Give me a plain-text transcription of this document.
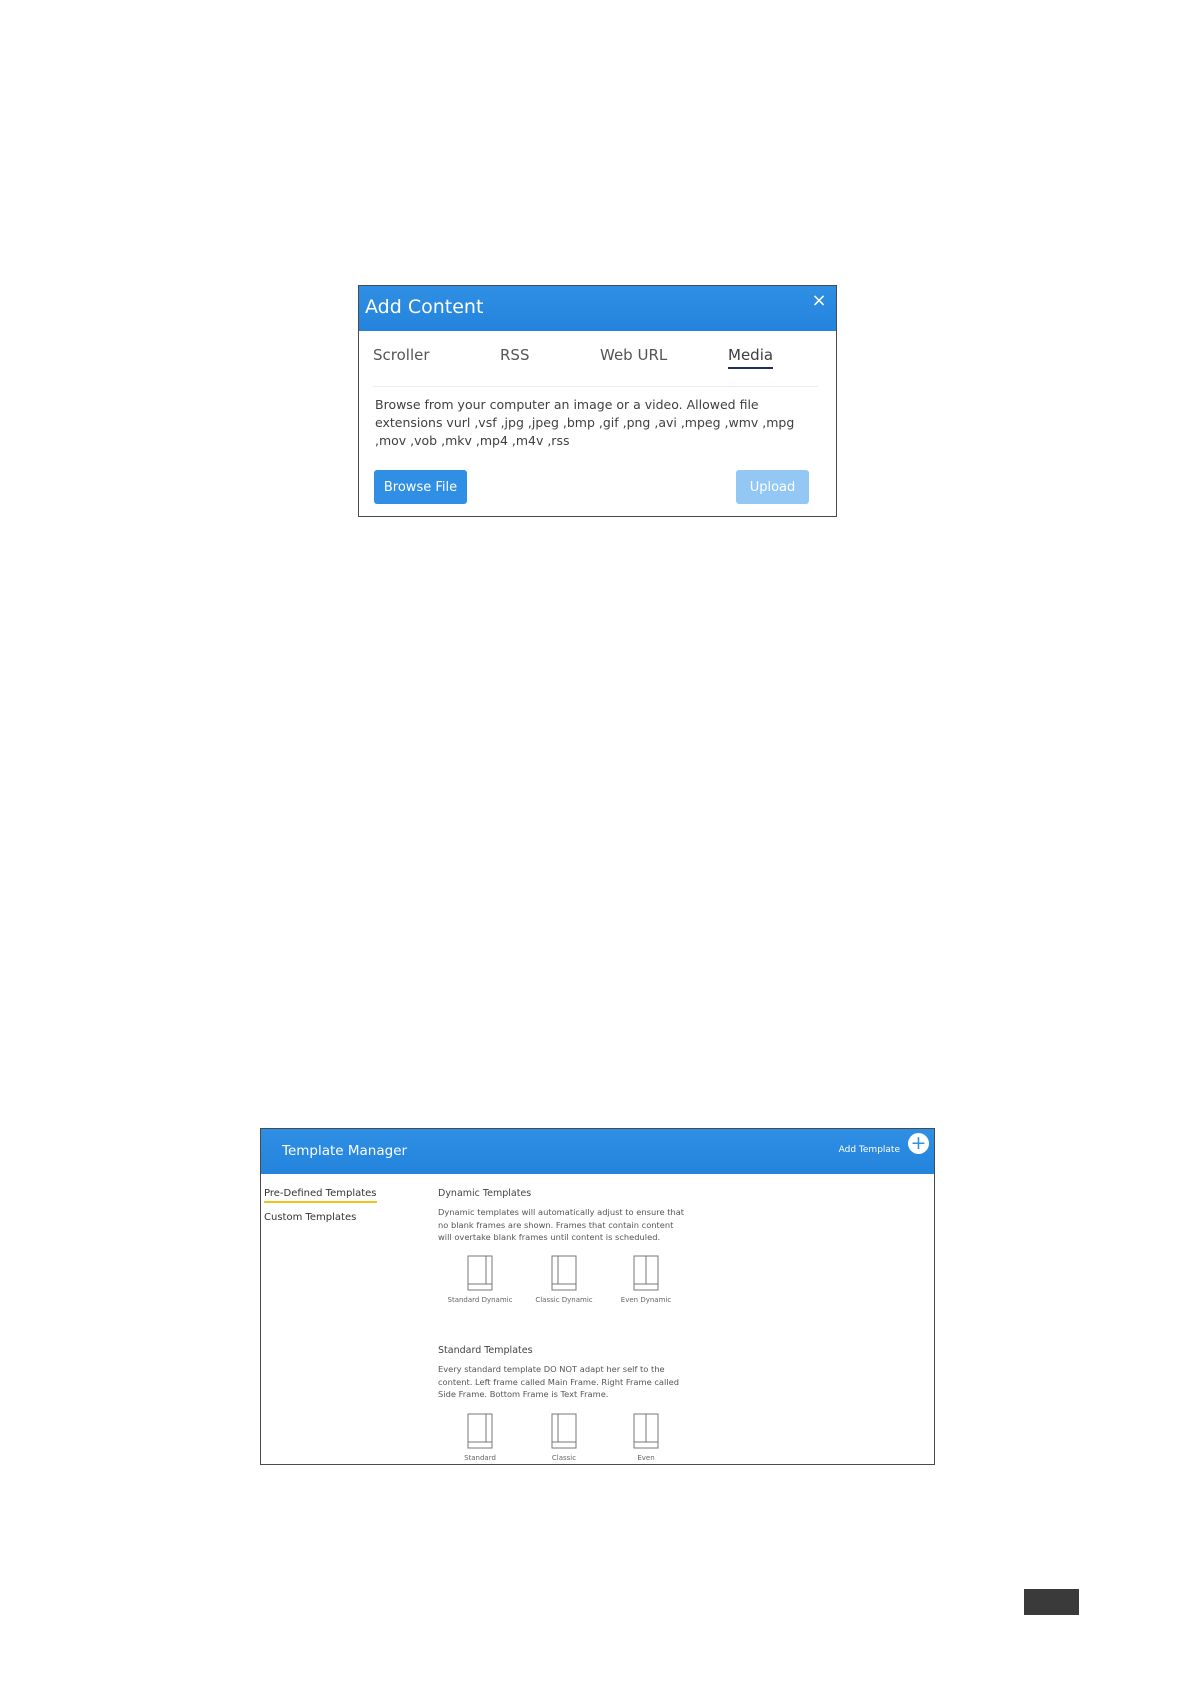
Add Content	×
Scroller	RSS	Web URL	Media
Browse from your computer an image or a video. Allowed file extensions vurl ,vsf ,jpg ,jpeg ,bmp ,gif ,png ,avi ,mpeg ,wmv ,mpg ,mov ,vob ,mkv ,mp4 ,m4v ,rss
Browse File	Upload
Template Manager	Add Template +
Pre-Defined Templates
Custom Templates
Dynamic Templates
Dynamic templates will automatically adjust to ensure that no blank frames are shown. Frames that contain content will overtake blank frames until content is scheduled.
Standard Dynamic	Classic Dynamic	Even Dynamic
Standard Templates
Every standard template DO NOT adapt her self to the content. Left frame called Main Frame. Right Frame called Side Frame. Bottom Frame is Text Frame.
Standard	Classic	Even
